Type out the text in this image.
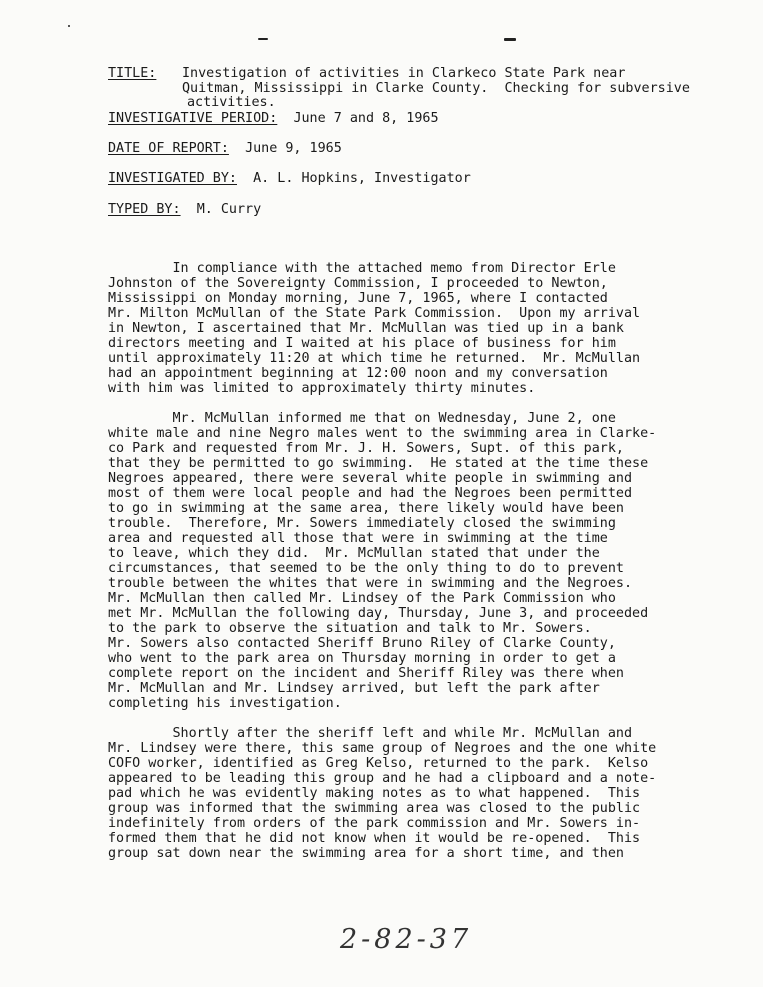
TITLE: Investigation of activities in Clarkeco State Park near
Quitman, Mississippi in Clarke County.  Checking for subversive
activities.
INVESTIGATIVE PERIOD: June 7 and 8, 1965
DATE OF REPORT: June 9, 1965
INVESTIGATED BY: A. L. Hopkins, Investigator
TYPED BY: M. Curry
In compliance with the attached memo from Director Erle
Johnston of the Sovereignty Commission, I proceeded to Newton,
Mississippi on Monday morning, June 7, 1965, where I contacted
Mr. Milton McMullan of the State Park Commission.  Upon my arrival
in Newton, I ascertained that Mr. McMullan was tied up in a bank
directors meeting and I waited at his place of business for him
until approximately 11:20 at which time he returned.  Mr. McMullan
had an appointment beginning at 12:00 noon and my conversation
with him was limited to approximately thirty minutes.
Mr. McMullan informed me that on Wednesday, June 2, one
white male and nine Negro males went to the swimming area in Clarke-
co Park and requested from Mr. J. H. Sowers, Supt. of this park,
that they be permitted to go swimming.  He stated at the time these
Negroes appeared, there were several white people in swimming and
most of them were local people and had the Negroes been permitted
to go in swimming at the same area, there likely would have been
trouble.  Therefore, Mr. Sowers immediately closed the swimming
area and requested all those that were in swimming at the time
to leave, which they did.  Mr. McMullan stated that under the
circumstances, that seemed to be the only thing to do to prevent
trouble between the whites that were in swimming and the Negroes.
Mr. McMullan then called Mr. Lindsey of the Park Commission who
met Mr. McMullan the following day, Thursday, June 3, and proceeded
to the park to observe the situation and talk to Mr. Sowers.
Mr. Sowers also contacted Sheriff Bruno Riley of Clarke County,
who went to the park area on Thursday morning in order to get a
complete report on the incident and Sheriff Riley was there when
Mr. McMullan and Mr. Lindsey arrived, but left the park after
completing his investigation.
Shortly after the sheriff left and while Mr. McMullan and
Mr. Lindsey were there, this same group of Negroes and the one white
COFO worker, identified as Greg Kelso, returned to the park.  Kelso
appeared to be leading this group and he had a clipboard and a note-
pad which he was evidently making notes as to what happened.  This
group was informed that the swimming area was closed to the public
indefinitely from orders of the park commission and Mr. Sowers in-
formed them that he did not know when it would be re-opened.  This
group sat down near the swimming area for a short time, and then
2-82-37
